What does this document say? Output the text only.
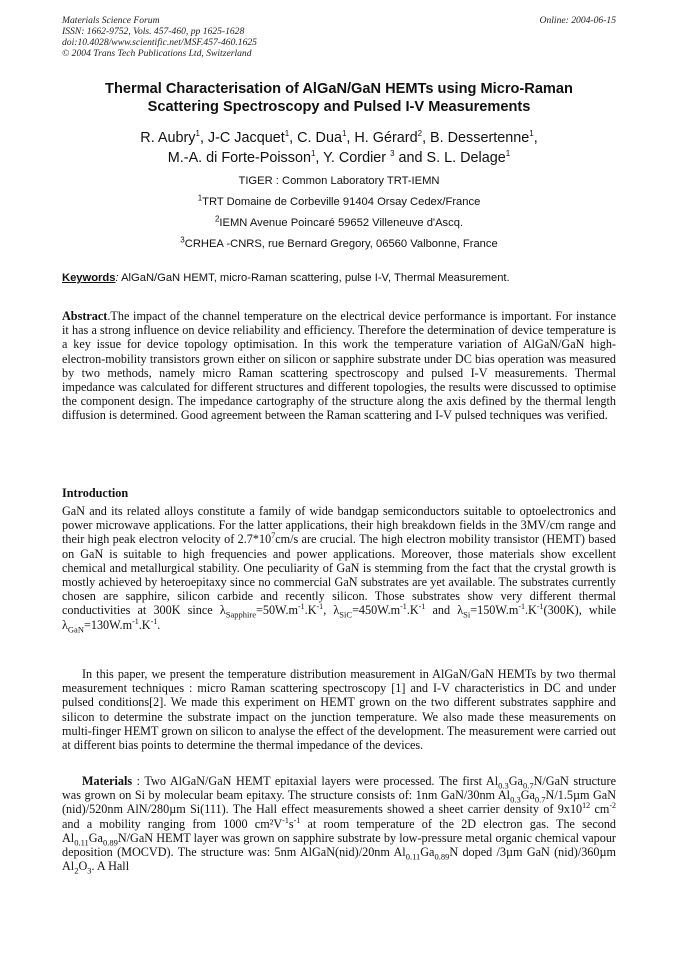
Materials Science Forum
ISSN: 1662-9752, Vols. 457-460, pp 1625-1628
doi:10.4028/www.scientific.net/MSF.457-460.1625
© 2004 Trans Tech Publications Ltd, Switzerland
Online: 2004-06-15
Thermal Characterisation of AlGaN/GaN HEMTs using Micro-Raman
Scattering Spectroscopy and Pulsed I-V Measurements
R. Aubry$^1$, J-C Jacquet$^1$, C. Dua$^1$, H. Gérard$^2$, B. Dessertenne$^1$,
M.-A. di Forte-Poisson$^1$, Y. Cordier $^3$ and S. L. Delage$^1$
TIGER : Common Laboratory TRT-IEMN
$^1$TRT Domaine de Corbeville 91404 Orsay Cedex/France
$^2$IEMN Avenue Poincaré 59652 Villeneuve d'Ascq.
$^3$CRHEA -CNRS, rue Bernard Gregory, 06560 Valbonne, France
Keywords: AlGaN/GaN HEMT, micro-Raman scattering, pulse I-V, Thermal Measurement.
Abstract.The impact of the channel temperature on the electrical device performance is important. For instance it has a strong influence on device reliability and efficiency. Therefore the determination of device temperature is a key issue for device topology optimisation. In this work the temperature variation of AlGaN/GaN high-electron-mobility transistors grown either on silicon or sapphire substrate under DC bias operation was measured by two methods, namely micro Raman scattering spectroscopy and pulsed I-V measurements. Thermal impedance was calculated for different structures and different topologies, the results were discussed to optimise the component design. The impedance cartography of the structure along the axis defined by the thermal length diffusion is determined. Good agreement between the Raman scattering and I-V pulsed techniques was verified.
Introduction
GaN and its related alloys constitute a family of wide bandgap semiconductors suitable to optoelectronics and power microwave applications. For the latter applications, their high breakdown fields in the 3MV/cm range and their high peak electron velocity of $2.7*10^7cm/s$ are crucial. The high electron mobility transistor (HEMT) based on GaN is suitable to high frequencies and power applications. Moreover, those materials show excellent chemical and metallurgical stability. One peculiarity of GaN is stemming from the fact that the crystal growth is mostly achieved by heteroepitaxy since no commercial GaN substrates are yet available. The substrates currently chosen are sapphire, silicon carbide and recently silicon. Those substrates show very different thermal conductivities at 300K since $\lambda_{Sapphire}=50W.m^{-1}.K^{-1}$, $\lambda_{SiC}=450W.m^{-1}.K^{-1}$ and $\lambda_{Si}=150W.m^{-1}.K^{-1}(300K)$, while $\lambda_{GaN}=130W.m^{-1}.K^{-1}$.
In this paper, we present the temperature distribution measurement in AlGaN/GaN HEMTs by two thermal measurement techniques : micro Raman scattering spectroscopy [1] and I-V characteristics in DC and under pulsed conditions[2]. We made this experiment on HEMT grown on the two different substrates sapphire and silicon to determine the substrate impact on the junction temperature. We also made these measurements on multi-finger HEMT grown on silicon to analyse the effect of the development. The measurement were carried out at different bias points to determine the thermal impedance of the devices.
Materials : Two AlGaN/GaN HEMT epitaxial layers were processed. The first $Al_{0.3}Ga_{0.7}N$/GaN structure was grown on Si by molecular beam epitaxy. The structure consists of: 1nm GaN/30nm $Al_{0.3}Ga_{0.7}N/1.5\mu m$ GaN (nid)/520nm AlN/280µm Si(111). The Hall effect measurements showed a sheet carrier density of $9x10^{12}$ $cm^{-2}$ and a mobility ranging from 1000 $cm^2V^{-1}s^{-1}$ at room temperature of the 2D electron gas. The second $Al_{0.11}Ga_{0.89}N$/GaN HEMT layer was grown on sapphire substrate by low-pressure metal organic chemical vapour deposition (MOCVD). The structure was: 5nm AlGaN(nid)/20nm $Al_{0.11}Ga_{0.89}N$ doped /3µm GaN (nid)/360µm $Al_2O_3$. A Hall
